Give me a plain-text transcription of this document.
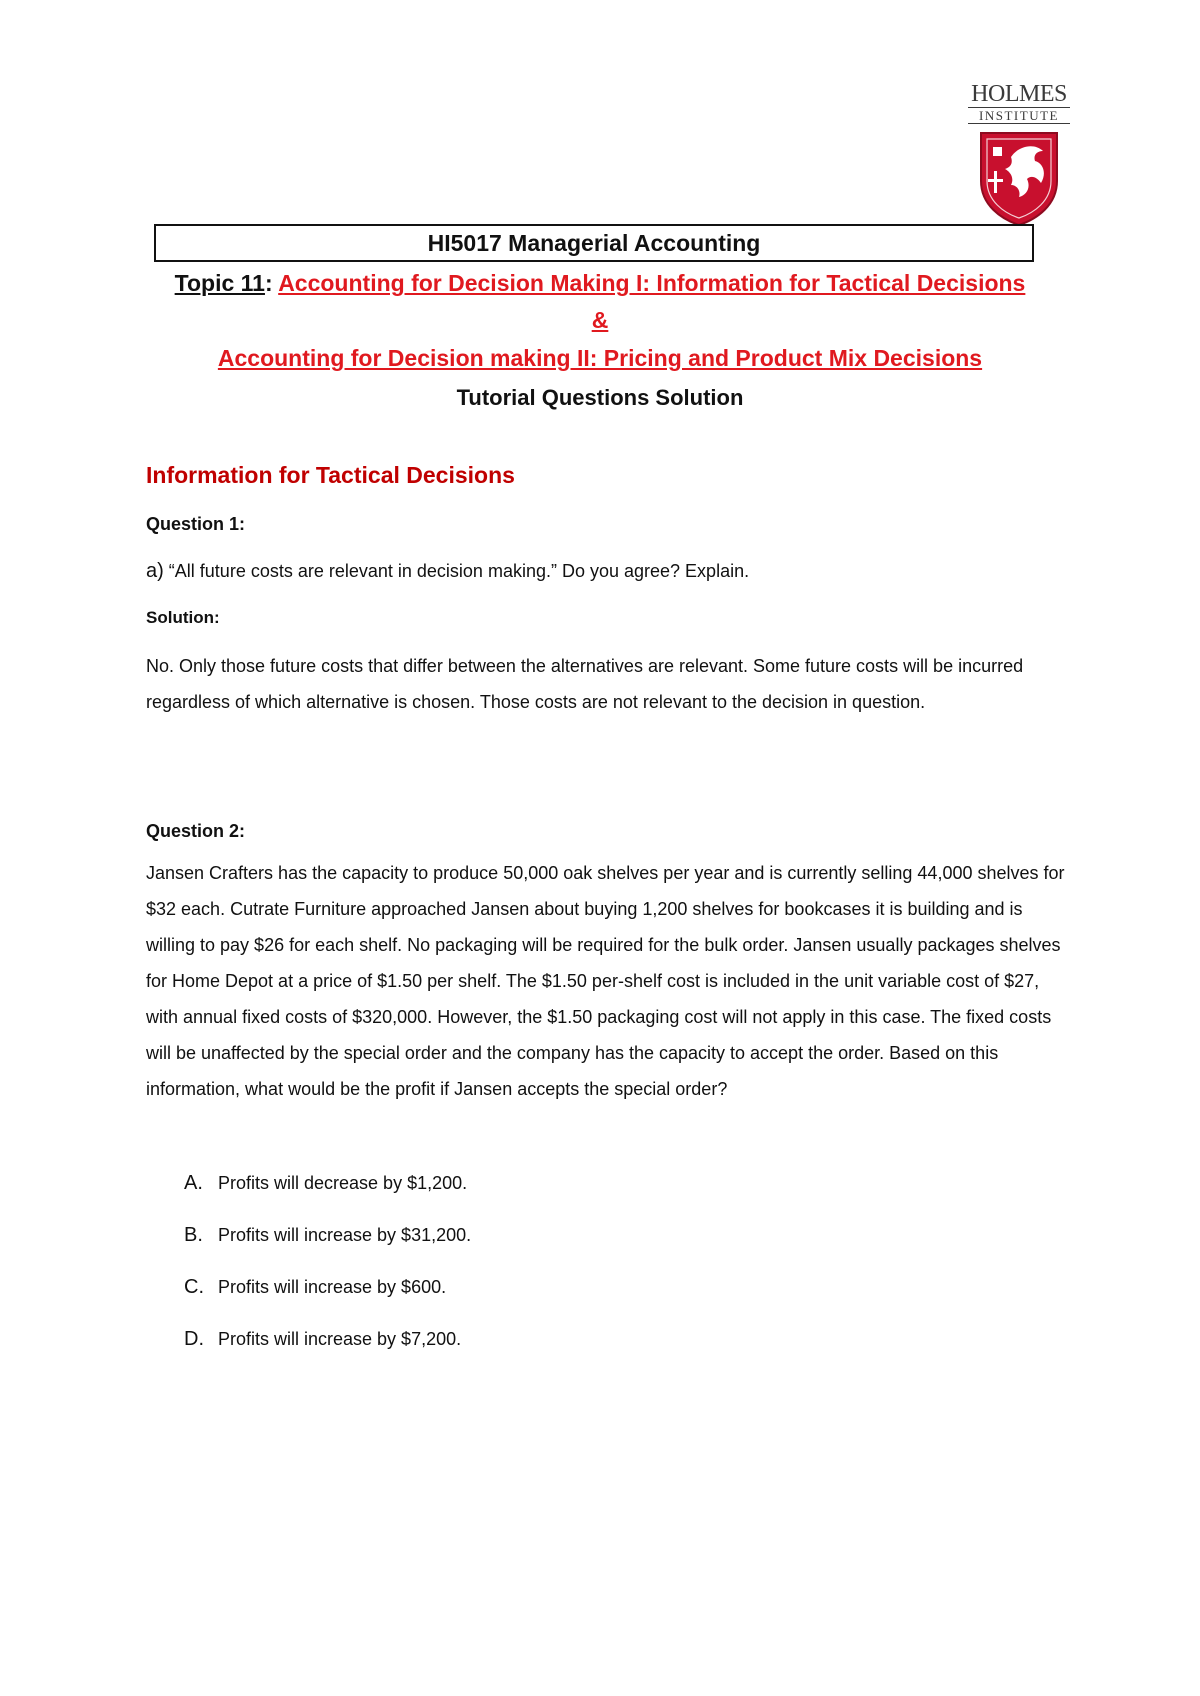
HOLMES
INSTITUTE
HI5017 Managerial Accounting
Topic 11: Accounting for Decision Making I: Information for Tactical Decisions
&
Accounting for Decision making II: Pricing and Product Mix Decisions
Tutorial Questions Solution
Information for Tactical Decisions
Question 1:
a) “All future costs are relevant in decision making.” Do you agree? Explain.
Solution:
No. Only those future costs that differ between the alternatives are relevant. Some future costs will be incurred regardless of which alternative is chosen. Those costs are not relevant to the decision in question.
Question 2:
Jansen Crafters has the capacity to produce 50,000 oak shelves per year and is currently selling 44,000 shelves for $32 each. Cutrate Furniture approached Jansen about buying 1,200 shelves for bookcases it is building and is willing to pay $26 for each shelf. No packaging will be required for the bulk order. Jansen usually packages shelves for Home Depot at a price of $1.50 per shelf. The $1.50 per-shelf cost is included in the unit variable cost of $27, with annual fixed costs of $320,000. However, the $1.50 packaging cost will not apply in this case. The fixed costs will be unaffected by the special order and the company has the capacity to accept the order. Based on this information, what would be the profit if Jansen accepts the special order?
A. Profits will decrease by $1,200.
B. Profits will increase by $31,200.
C. Profits will increase by $600.
D. Profits will increase by $7,200.
